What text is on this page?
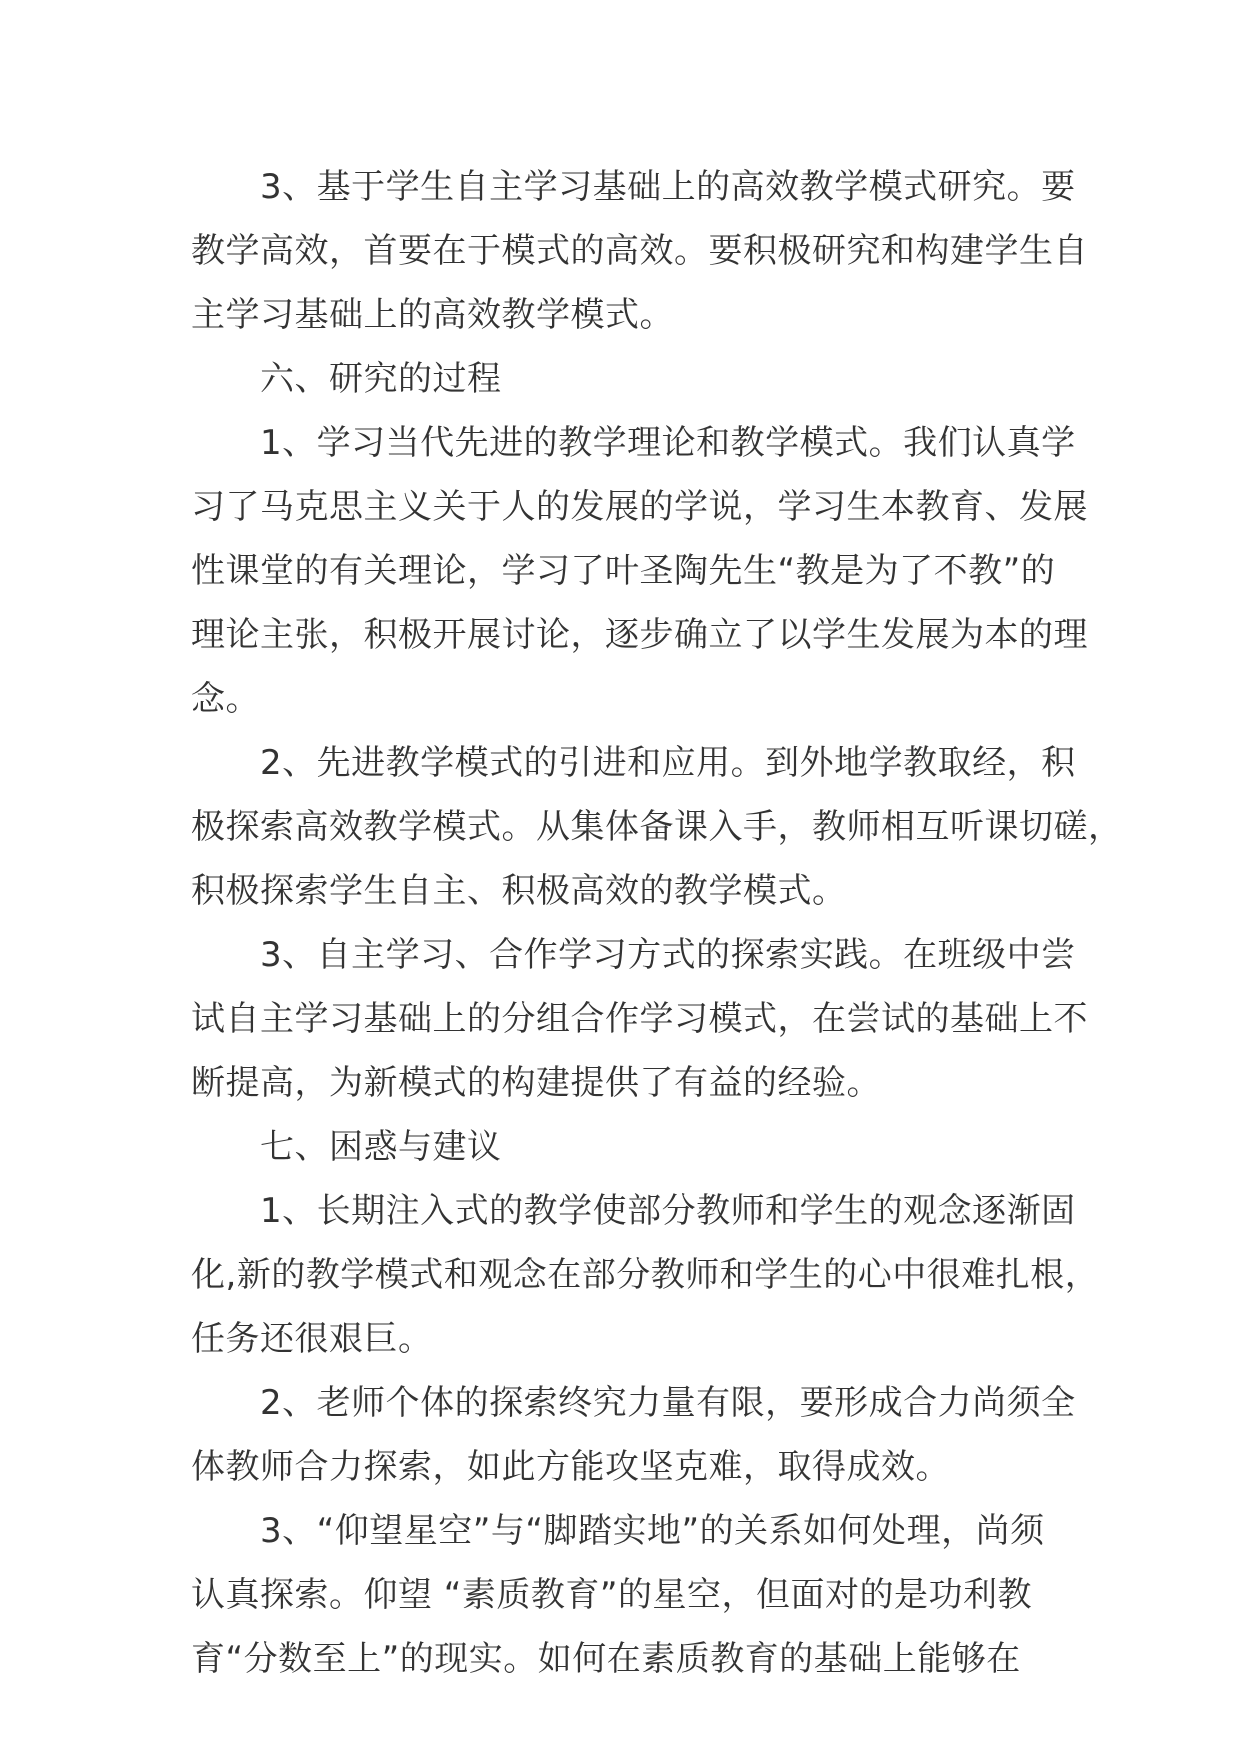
　　3、基于学生自主学习基础上的高效教学模式研究。要
教学高效，首要在于模式的高效。要积极研究和构建学生自
主学习基础上的高效教学模式。
　　六、研究的过程
　　1、学习当代先进的教学理论和教学模式。我们认真学
习了马克思主义关于人的发展的学说，学习生本教育、发展
性课堂的有关理论，学习了叶圣陶先生“教是为了不教”的
理论主张，积极开展讨论，逐步确立了以学生发展为本的理
念。
　　2、先进教学模式的引进和应用。到外地学教取经，积
极探索高效教学模式。从集体备课入手，教师相互听课切磋，
积极探索学生自主、积极高效的教学模式。
　　3、自主学习、合作学习方式的探索实践。在班级中尝
试自主学习基础上的分组合作学习模式，在尝试的基础上不
断提高，为新模式的构建提供了有益的经验。
　　七、困惑与建议
　　1、长期注入式的教学使部分教师和学生的观念逐渐固
化,新的教学模式和观念在部分教师和学生的心中很难扎根，
任务还很艰巨。
　　2、老师个体的探索终究力量有限，要形成合力尚须全
体教师合力探索，如此方能攻坚克难，取得成效。
　　3、“仰望星空”与“脚踏实地”的关系如何处理，尚须
认真探索。仰望 “素质教育”的星空，但面对的是功利教
育“分数至上”的现实。如何在素质教育的基础上能够在
